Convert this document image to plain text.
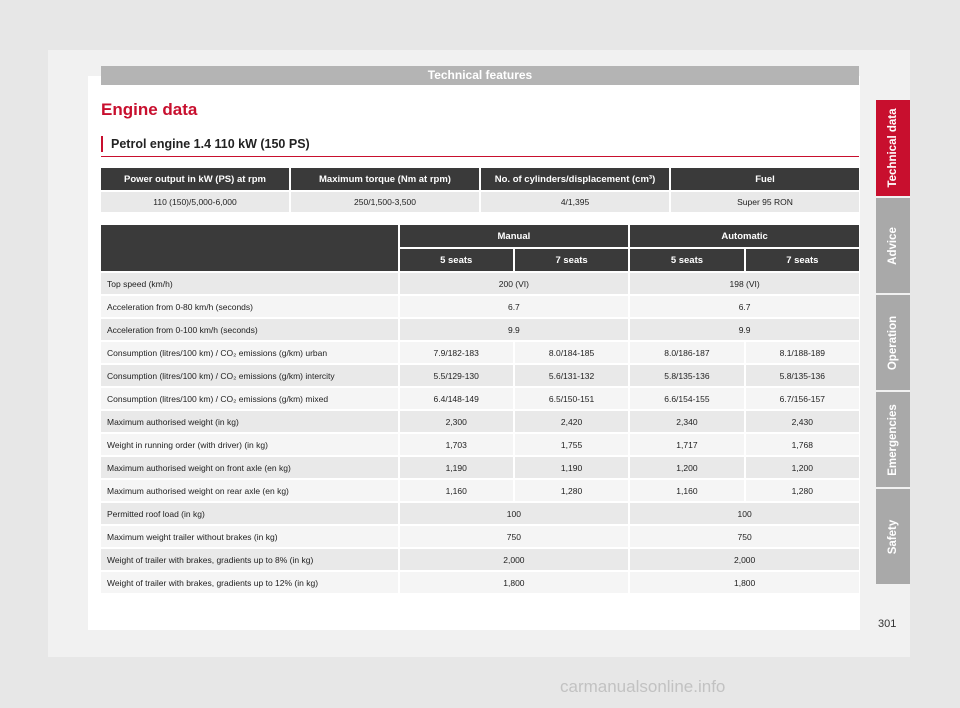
Technical features
Engine data
Petrol engine 1.4 110 kW (150 PS)
Power output in kW (PS) at rpm	Maximum torque (Nm at rpm)	No. of cylinders/displacement (cm³)	Fuel
110 (150)/5,000-6,000	250/1,500-3,500	4/1,395	Super 95 RON
	Manual		Automatic	
	5 seats	7 seats	5 seats	7 seats
Top speed (km/h)	200 (VI)		198 (VI)	
Acceleration from 0-80 km/h (seconds)	6.7		6.7	
Acceleration from 0-100 km/h (seconds)	9.9		9.9	
Consumption (litres/100 km) / CO₂ emissions (g/km) urban	7.9/182-183	8.0/184-185	8.0/186-187	8.1/188-189
Consumption (litres/100 km) / CO₂ emissions (g/km) intercity	5.5/129-130	5.6/131-132	5.8/135-136	5.8/135-136
Consumption (litres/100 km) / CO₂ emissions (g/km) mixed	6.4/148-149	6.5/150-151	6.6/154-155	6.7/156-157
Maximum authorised weight (in kg)	2,300	2,420	2,340	2,430
Weight in running order (with driver) (in kg)	1,703	1,755	1,717	1,768
Maximum authorised weight on front axle (en kg)	1,190	1,190	1,200	1,200
Maximum authorised weight on rear axle (en kg)	1,160	1,280	1,160	1,280
Permitted roof load (in kg)	100		100	
Maximum weight trailer without brakes (in kg)	750		750	
Weight of trailer with brakes, gradients up to 8% (in kg)	2,000		2,000	
Weight of trailer with brakes, gradients up to 12% (in kg)	1,800		1,800	
Technical data
Advice
Operation
Emergencies
Safety
301
carmanualsonline.info
